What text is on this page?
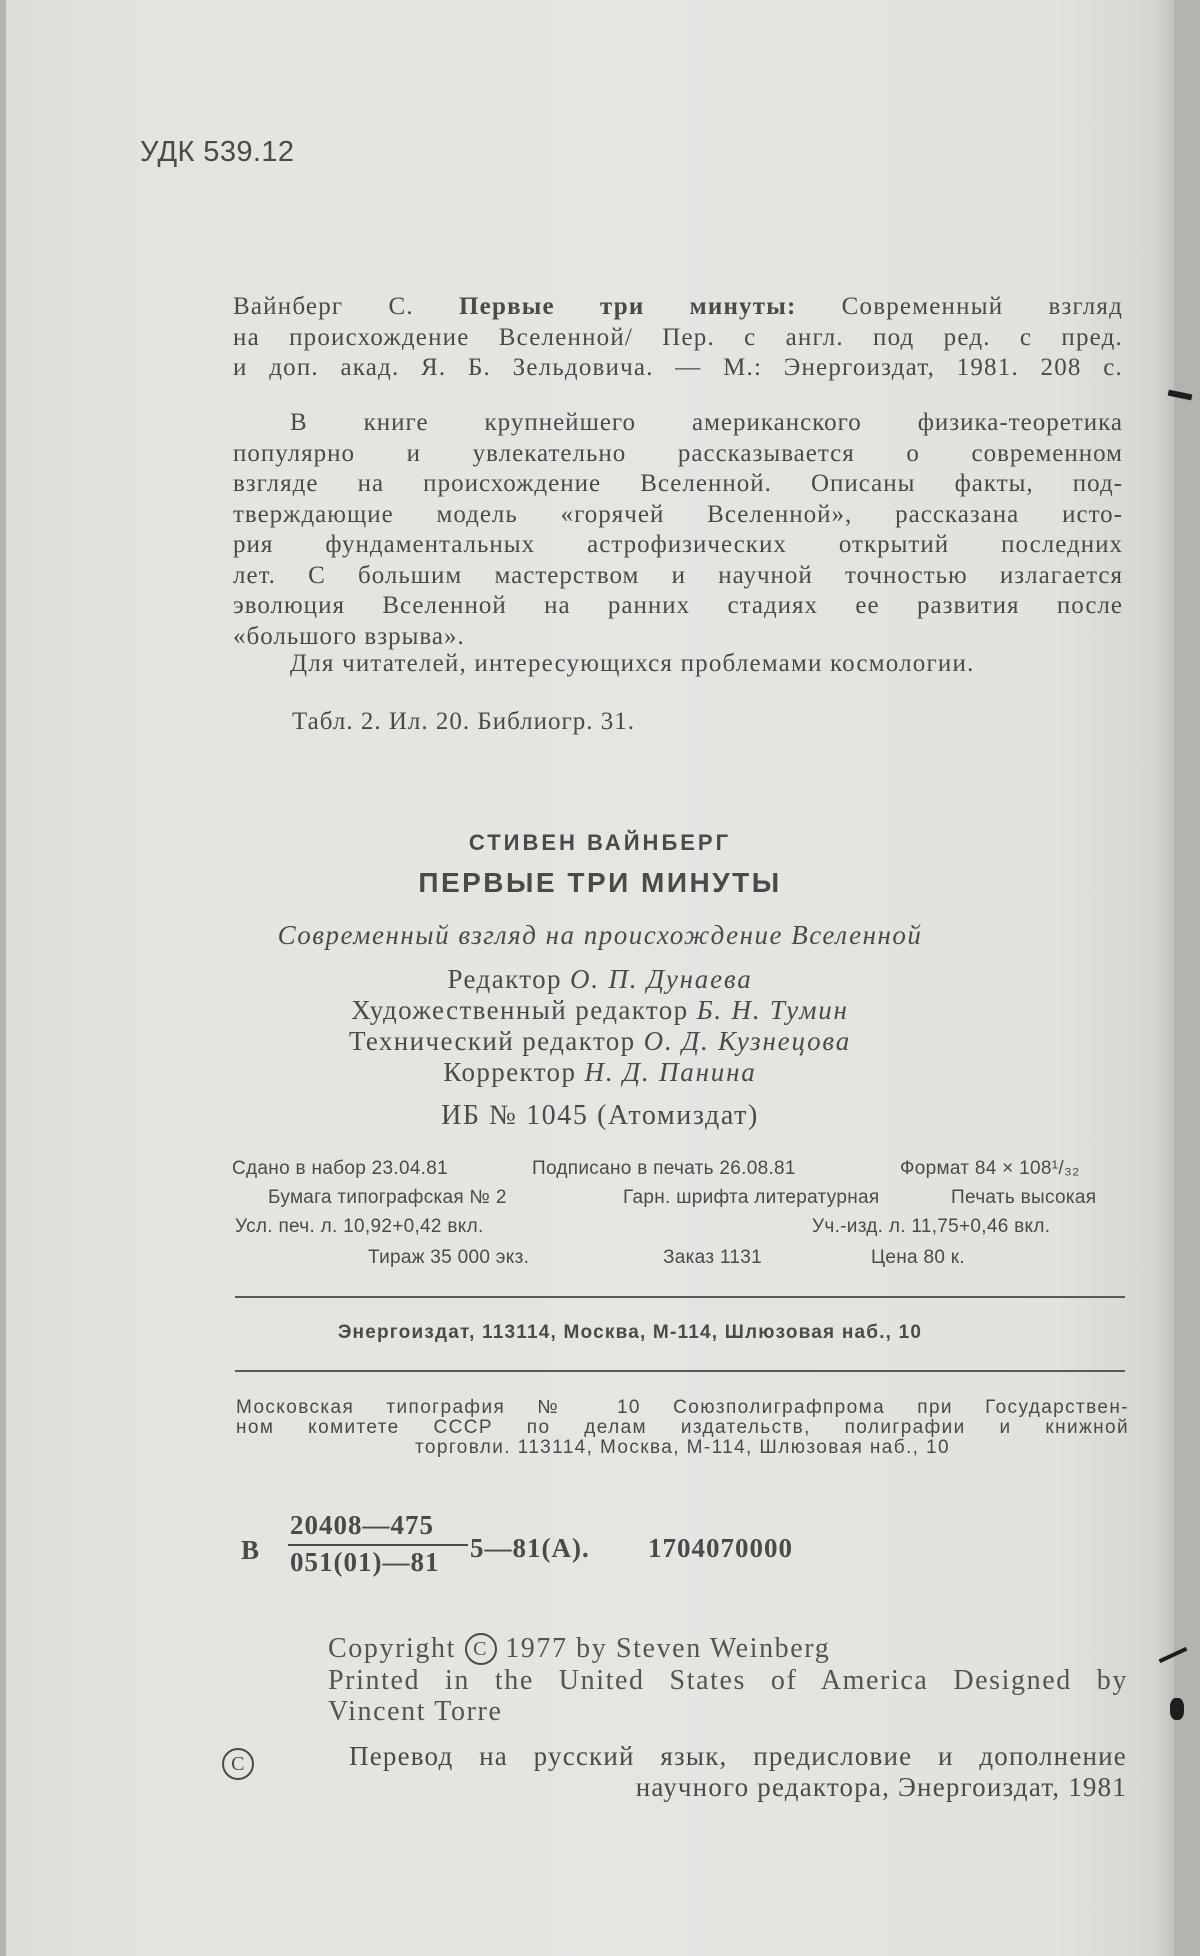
УДК 539.12
Вайнберг С. Первые три минуты: Современный взгляд
на происхождение Вселенной/ Пер. с англ. под ред. с пред.
и доп. акад. Я. Б. Зельдовича. — М.: Энергоиздат, 1981. 208 с.
В книге крупнейшего американского физика-теоретика
популярно и увлекательно рассказывается о современном
взгляде на происхождение Вселенной. Описаны факты, под-
тверждающие модель «горячей Вселенной», рассказана исто-
рия фундаментальных астрофизических открытий последних
лет. С большим мастерством и научной точностью излагается
эволюция Вселенной на ранних стадиях ее развития после
«большого взрыва».
Для читателей, интересующихся проблемами космологии.
Табл. 2. Ил. 20. Библиогр. 31.
СТИВЕН ВАЙНБЕРГ
ПЕРВЫЕ ТРИ МИНУТЫ
Современный взгляд на происхождение Вселенной
Редактор О. П. Дунаева
Художественный редактор Б. Н. Тумин
Технический редактор О. Д. Кузнецова
Корректор Н. Д. Панина
ИБ № 1045 (Атомиздат)
Сдано в набор 23.04.81	Подписано в печать 26.08.81	Формат 84 × 108¹/₃₂
Бумага типографская № 2	Гарн. шрифта литературная	Печать высокая
Усл. печ. л. 10,92+0,42 вкл.	Уч.-изд. л. 11,75+0,46 вкл.
Тираж 35 000 экз.	Заказ 1131	Цена 80 к.
Энергоиздат, 113114, Москва, М-114, Шлюзовая наб., 10
Московская типография № 10 Союзполиграфпрома при Государствен-
ном комитете СССР по делам издательств, полиграфии и книжной
торговли. 113114, Москва, М-114, Шлюзовая наб., 10
В
20408—475
051(01)—81 5—81(А). 1704070000
Copyright C 1977 by Steven Weinberg
Printed in the United States of America Designed by
Vincent Torre
C	Перевод на русский язык, предисловие и дополнение
научного редактора, Энергоиздат, 1981
